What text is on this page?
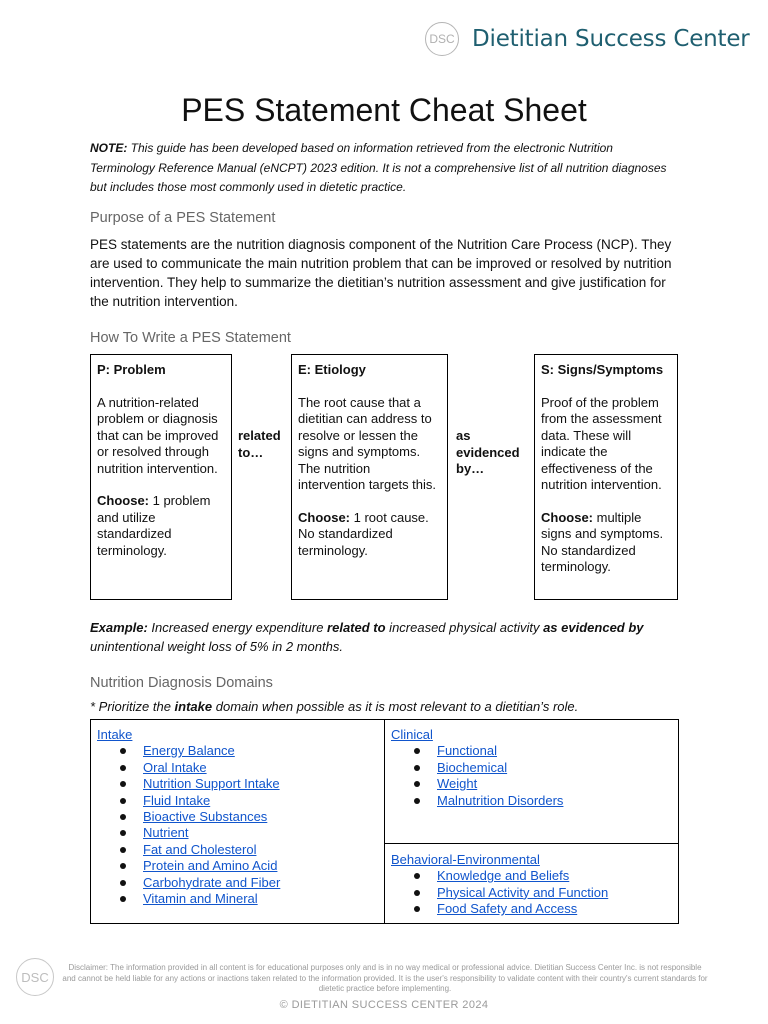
DSC Dietitian Success Center
PES Statement Cheat Sheet
NOTE: This guide has been developed based on information retrieved from the electronic Nutrition Terminology Reference Manual (eNCPT) 2023 edition. It is not a comprehensive list of all nutrition diagnoses but includes those most commonly used in dietetic practice.
Purpose of a PES Statement
PES statements are the nutrition diagnosis component of the Nutrition Care Process (NCP). They are used to communicate the main nutrition problem that can be improved or resolved by nutrition intervention. They help to summarize the dietitian’s nutrition assessment and give justification for the nutrition intervention.
How To Write a PES Statement
P: Problem
A nutrition-related problem or diagnosis that can be improved or resolved through nutrition intervention.
Choose: 1 problem and utilize standardized terminology.
related to…
E: Etiology
The root cause that a dietitian can address to resolve or lessen the signs and symptoms. The nutrition intervention targets this.
Choose: 1 root cause. No standardized terminology.
as evidenced by…
S: Signs/Symptoms
Proof of the problem from the assessment data. These will indicate the effectiveness of the nutrition intervention.
Choose: multiple signs and symptoms. No standardized terminology.
Example: Increased energy expenditure related to increased physical activity as evidenced by unintentional weight loss of 5% in 2 months.
Nutrition Diagnosis Domains
* Prioritize the intake domain when possible as it is most relevant to a dietitian’s role.
Intake
Energy Balance
Oral Intake
Nutrition Support Intake
Fluid Intake
Bioactive Substances
Nutrient
Fat and Cholesterol
Protein and Amino Acid
Carbohydrate and Fiber
Vitamin and Mineral
Clinical
Functional
Biochemical
Weight
Malnutrition Disorders
Behavioral-Environmental
Knowledge and Beliefs
Physical Activity and Function
Food Safety and Access
DSC
Disclaimer: The information provided in all content is for educational purposes only and is in no way medical or professional advice. Dietitian Success Center Inc. is not responsible and cannot be held liable for any actions or inactions taken related to the information provided. It is the user's responsibility to validate content with their country's current standards for dietetic practice before implementing.
© DIETITIAN SUCCESS CENTER 2024
